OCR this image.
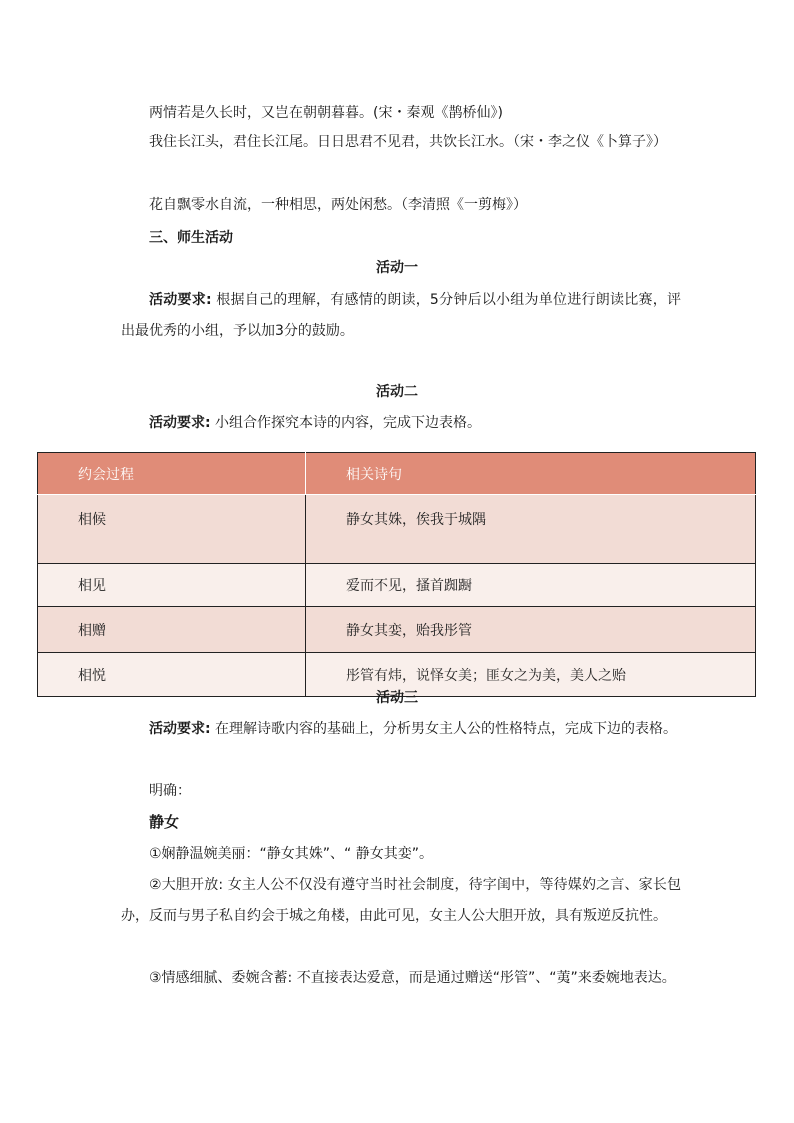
两情若是久长时，又岂在朝朝暮暮。(宋・秦观《鹊桥仙》)
我住长江头，君住长江尾。日日思君不见君，共饮长江水。（宋・李之仪《卜算子》）
花自飘零水自流，一种相思，两处闲愁。（李清照《一剪梅》）
三、师生活动
活动一
活动要求: 根据自己的理解，有感情的朗读，5分钟后以小组为单位进行朗读比赛，评出最优秀的小组，予以加3分的鼓励。
活动二
活动要求: 小组合作探究本诗的内容，完成下边表格。
约会过程	相关诗句
相候	静女其姝，俟我于城隅
相见	爱而不见，搔首踟蹰
相赠	静女其娈，贻我彤管
相悦	彤管有炜，说怿女美；匪女之为美，美人之贻
活动三
活动要求: 在理解诗歌内容的基础上，分析男女主人公的性格特点，完成下边的表格。
明确：
静女
①娴静温婉美丽：“静女其姝”、“ 静女其娈”。
②大胆开放: 女主人公不仅没有遵守当时社会制度，待字闺中，等待媒妁之言、家长包办，反而与男子私自约会于城之角楼，由此可见，女主人公大胆开放，具有叛逆反抗性。
③情感细腻、委婉含蓄: 不直接表达爱意，而是通过赠送“彤管”、“荑”来委婉地表达。
